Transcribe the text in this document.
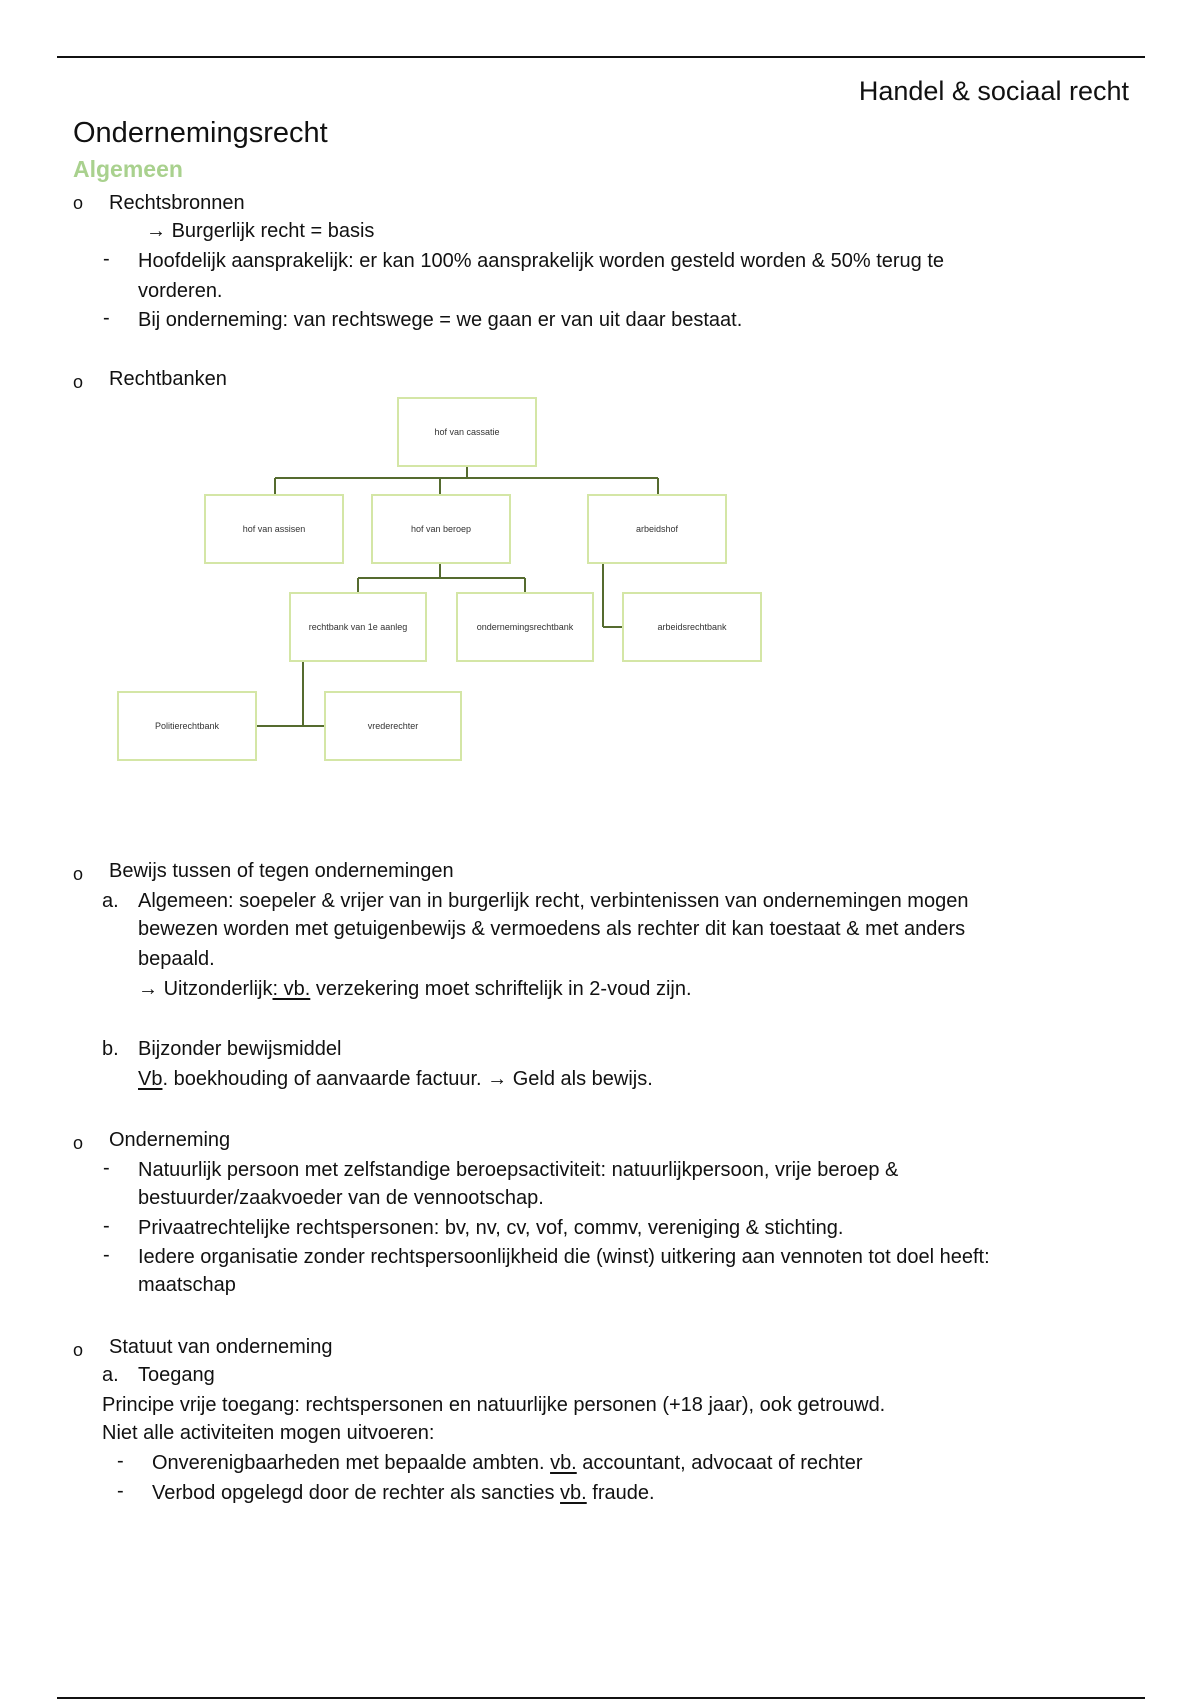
Handel & sociaal recht
Ondernemingsrecht
Algemeen
o Rechtsbronnen
→ Burgerlijk recht = basis
- Hoofdelijk aansprakelijk: er kan 100% aansprakelijk worden gesteld worden & 50% terug te
vorderen.
- Bij onderneming: van rechtswege = we gaan er van uit daar bestaat.
o Rechtbanken
hof van cassatie
hof van assisen	hof van beroep	arbeidshof
rechtbank van 1e aanleg	ondernemingsrechtbank	arbeidsrechtbank
Politierechtbank	vrederechter
o Bewijs tussen of tegen ondernemingen
a. Algemeen: soepeler & vrijer van in burgerlijk recht, verbintenissen van ondernemingen mogen
bewezen worden met getuigenbewijs & vermoedens als rechter dit kan toestaat & met anders
bepaald.
→ Uitzonderlijk: vb. verzekering moet schriftelijk in 2-voud zijn.
b. Bijzonder bewijsmiddel
Vb. boekhouding of aanvaarde factuur. → Geld als bewijs.
o Onderneming
- Natuurlijk persoon met zelfstandige beroepsactiviteit: natuurlijkpersoon, vrije beroep &
bestuurder/zaakvoeder van de vennootschap.
- Privaatrechtelijke rechtspersonen: bv, nv, cv, vof, commv, vereniging & stichting.
- Iedere organisatie zonder rechtspersoonlijkheid die (winst) uitkering aan vennoten tot doel heeft:
maatschap
o Statuut van onderneming
a. Toegang
Principe vrije toegang: rechtspersonen en natuurlijke personen (+18 jaar), ook getrouwd.
Niet alle activiteiten mogen uitvoeren:
- Onverenigbaarheden met bepaalde ambten. vb. accountant, advocaat of rechter
- Verbod opgelegd door de rechter als sancties vb. fraude.
